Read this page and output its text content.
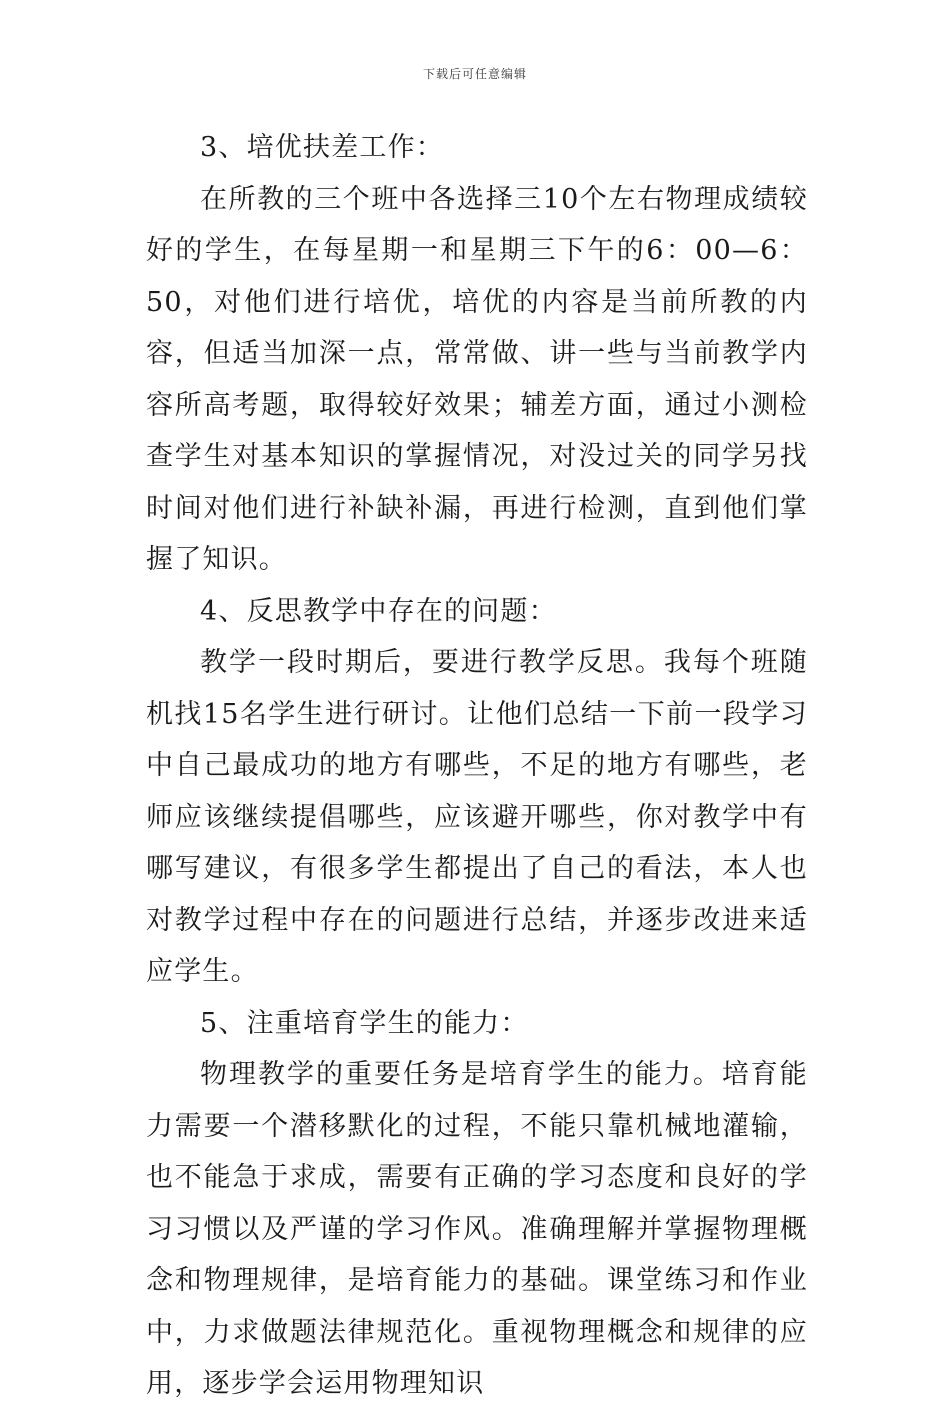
下载后可任意编辑

3、培优扶差工作：

在所教的三个班中各选择三10个左右物理成绩较好的学生，在每星期一和星期三下午的6：00—6：50，对他们进行培优，培优的内容是当前所教的内容，但适当加深一点，常常做、讲一些与当前教学内容所高考题，取得较好效果；辅差方面，通过小测检查学生对基本知识的掌握情况，对没过关的同学另找时间对他们进行补缺补漏，再进行检测，直到他们掌握了知识。

4、反思教学中存在的问题：

教学一段时期后，要进行教学反思。我每个班随机找15名学生进行研讨。让他们总结一下前一段学习中自己最成功的地方有哪些，不足的地方有哪些，老师应该继续提倡哪些，应该避开哪些，你对教学中有哪写建议，有很多学生都提出了自己的看法，本人也对教学过程中存在的问题进行总结，并逐步改进来适应学生。

5、注重培育学生的能力：

物理教学的重要任务是培育学生的能力。培育能力需要一个潜移默化的过程，不能只靠机械地灌输，也不能急于求成，需要有正确的学习态度和良好的学习习惯以及严谨的学习作风。准确理解并掌握物理概念和物理规律，是培育能力的基础。课堂练习和作业中，力求做题法律规范化。重视物理概念和规律的应用，逐步学会运用物理知识
